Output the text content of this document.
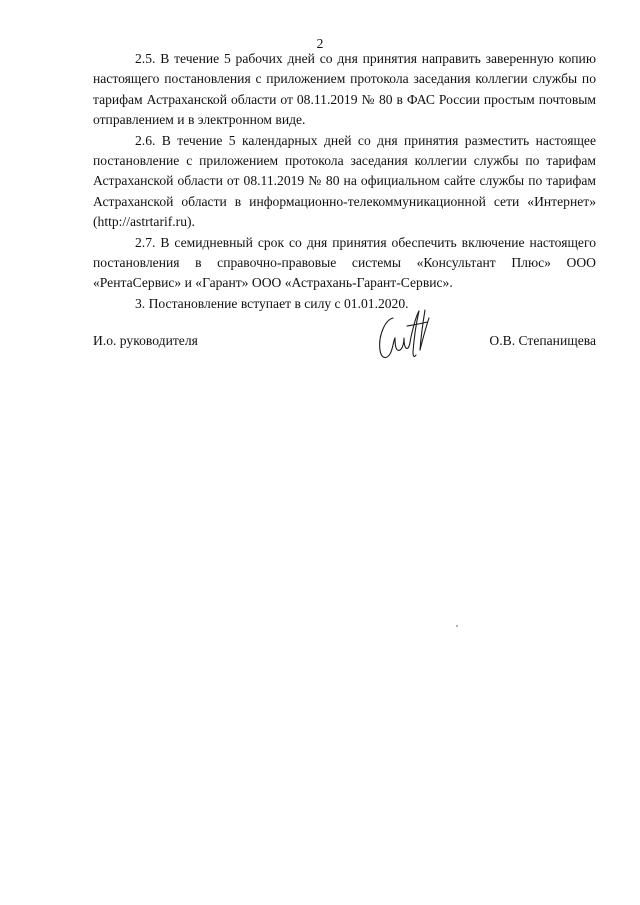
2

2.5. В течение 5 рабочих дней со дня принятия направить заверенную копию настоящего постановления с приложением протокола заседания коллегии службы по тарифам Астраханской области от 08.11.2019 № 80 в ФАС России простым почтовым отправлением и в электронном виде.

2.6. В течение 5 календарных дней со дня принятия разместить настоящее постановление с приложением протокола заседания коллегии службы по тарифам Астраханской области от 08.11.2019 № 80 на официальном сайте службы по тарифам Астраханской области в информационно-телекоммуникационной сети «Интернет» (http://astrtarif.ru).

2.7. В семидневный срок со дня принятия обеспечить включение настоящего постановления в справочно-правовые системы «Консультант Плюс» ООО «РентаСервис» и «Гарант» ООО «Астрахань-Гарант-Сервис».

3. Постановление вступает в силу с 01.01.2020.

И.о. руководителя	О.В. Степанищева
